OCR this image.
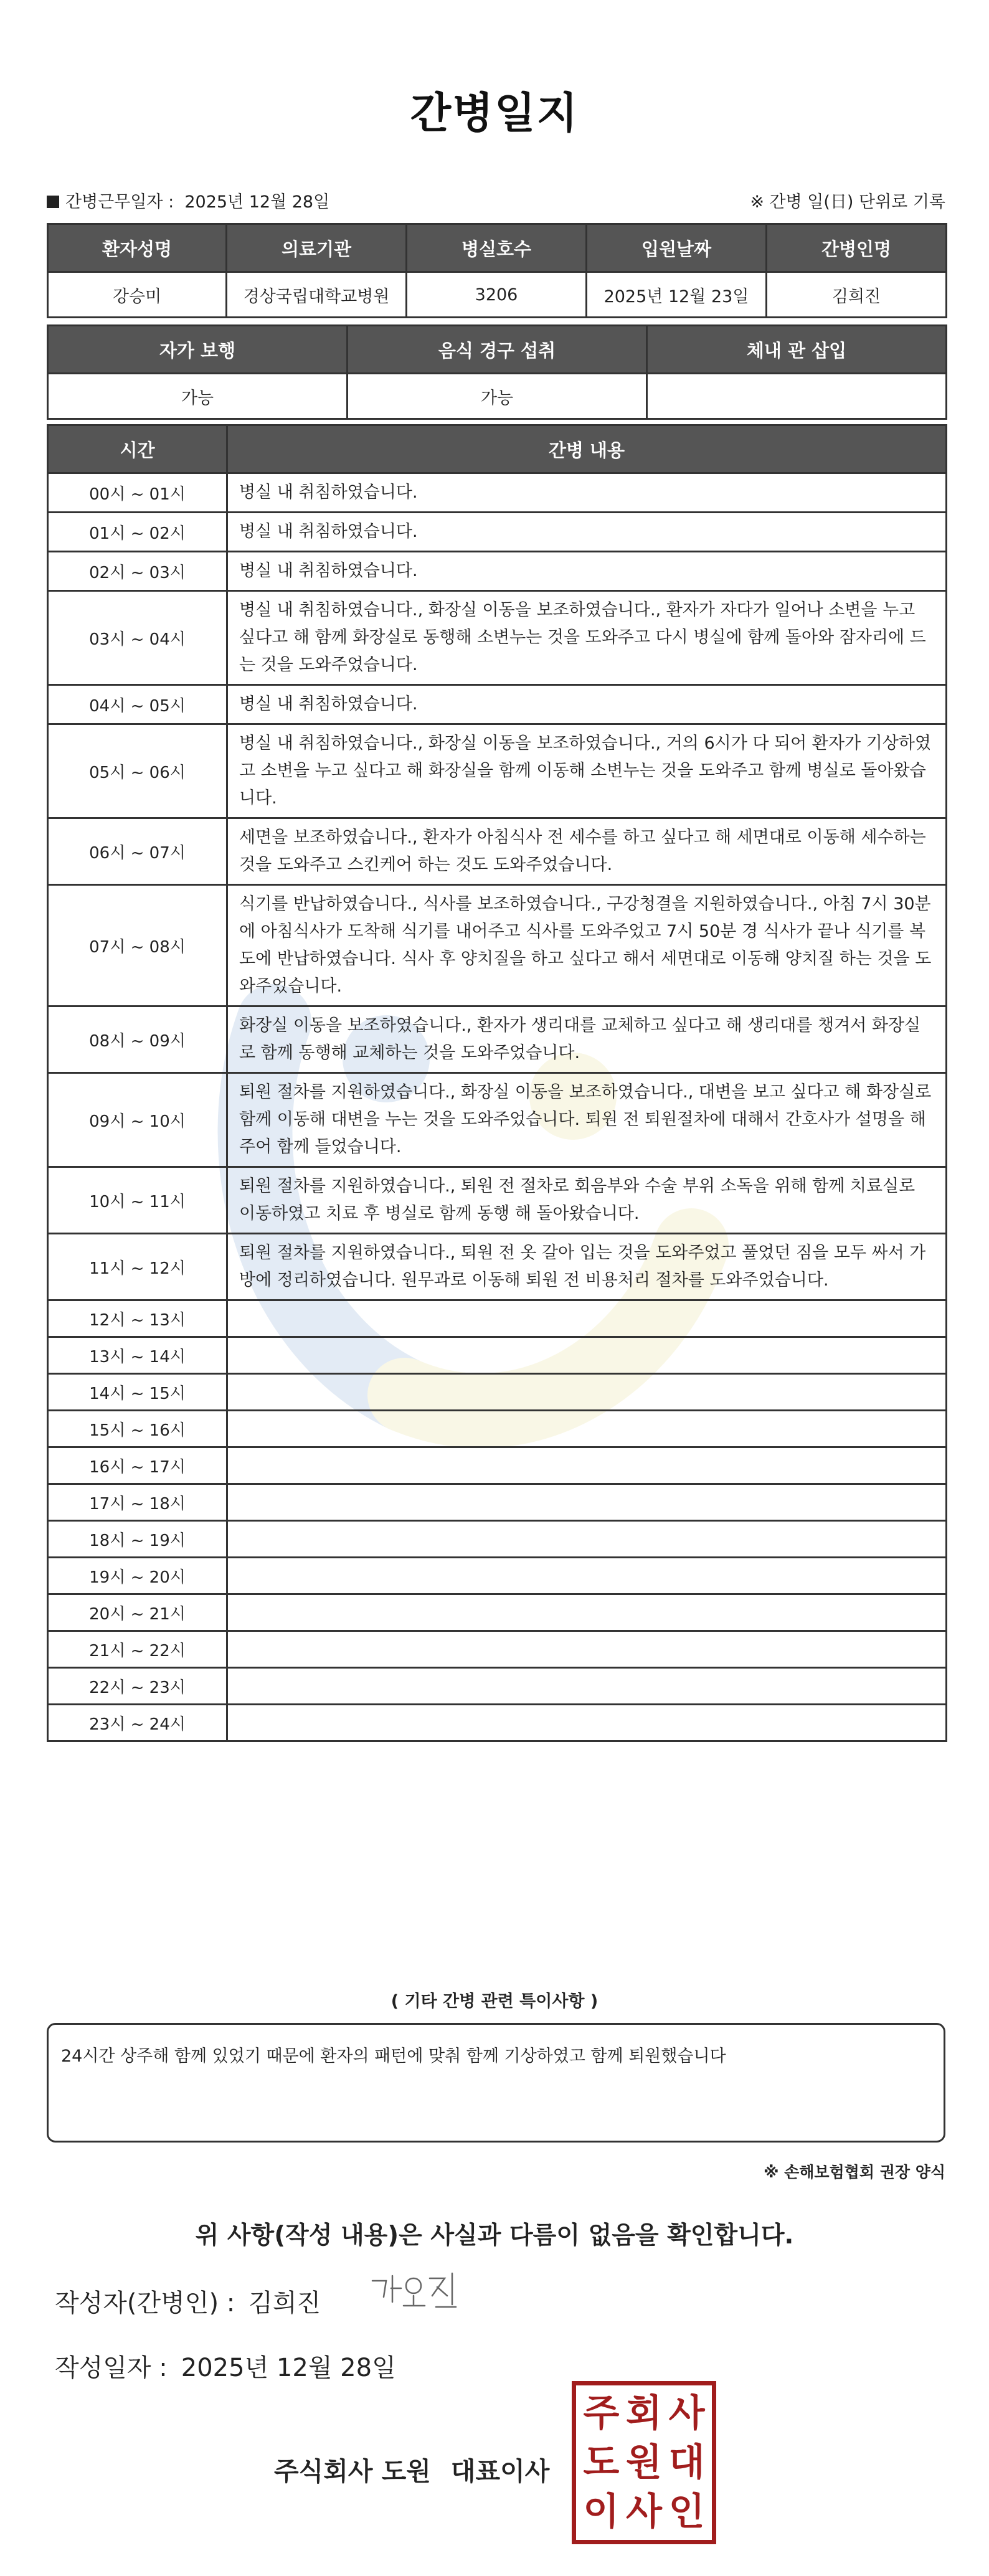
간병일지
간병근무일자 : 2025년 12월 28일	※ 간병 일(日) 단위로 기록
환자성명	의료기관	병실호수	입원날짜	간병인명
강승미	경상국립대학교병원	3206	2025년 12월 23일	김희진
자가 보행	음식 경구 섭취	체내 관 삽입
가능	가능	
시간	간병 내용
00시 ~ 01시	병실 내 취침하였습니다.
01시 ~ 02시	병실 내 취침하였습니다.
02시 ~ 03시	병실 내 취침하였습니다.
03시 ~ 04시	병실 내 취침하였습니다., 화장실 이동을 보조하였습니다., 환자가 자다가 일어나 소변을 누고 싶다고 해 함께 화장실로 동행해 소변누는 것을 도와주고 다시 병실에 함께 돌아와 잠자리에 드는 것을 도와주었습니다.
04시 ~ 05시	병실 내 취침하였습니다.
05시 ~ 06시	병실 내 취침하였습니다., 화장실 이동을 보조하였습니다., 거의 6시가 다 되어 환자가 기상하였고 소변을 누고 싶다고 해 화장실을 함께 이동해 소변누는 것을 도와주고 함께 병실로 돌아왔습니다.
06시 ~ 07시	세면을 보조하였습니다., 환자가 아침식사 전 세수를 하고 싶다고 해 세면대로 이동해 세수하는 것을 도와주고 스킨케어 하는 것도 도와주었습니다.
07시 ~ 08시	식기를 반납하였습니다., 식사를 보조하였습니다., 구강청결을 지원하였습니다., 아침 7시 30분에 아침식사가 도착해 식기를 내어주고 식사를 도와주었고 7시 50분 경 식사가 끝나 식기를 복도에 반납하였습니다. 식사 후 양치질을 하고 싶다고 해서 세면대로 이동해 양치질 하는 것을 도와주었습니다.
08시 ~ 09시	화장실 이동을 보조하였습니다., 환자가 생리대를 교체하고 싶다고 해 생리대를 챙겨서 화장실로 함께 동행해 교체하는 것을 도와주었습니다.
09시 ~ 10시	퇴원 절차를 지원하였습니다., 화장실 이동을 보조하였습니다., 대변을 보고 싶다고 해 화장실로 함께 이동해 대변을 누는 것을 도와주었습니다. 퇴원 전 퇴원절차에 대해서 간호사가 설명을 해주어 함께 들었습니다.
10시 ~ 11시	퇴원 절차를 지원하였습니다., 퇴원 전 절차로 회음부와 수술 부위 소독을 위해 함께 치료실로 이동하였고 치료 후 병실로 함께 동행 해 돌아왔습니다.
11시 ~ 12시	퇴원 절차를 지원하였습니다., 퇴원 전 옷 갈아 입는 것을 도와주었고 풀었던 짐을 모두 싸서 가방에 정리하였습니다. 원무과로 이동해 퇴원 전 비용처리 절차를 도와주었습니다.
12시 ~ 13시	
13시 ~ 14시	
14시 ~ 15시	
15시 ~ 16시	
16시 ~ 17시	
17시 ~ 18시	
18시 ~ 19시	
19시 ~ 20시	
20시 ~ 21시	
21시 ~ 22시	
22시 ~ 23시	
23시 ~ 24시	
( 기타 간병 관련 특이사항 )
24시간 상주해 함께 있었기 때문에 환자의 패턴에 맞춰 함께 기상하였고 함께 퇴원했습니다
※ 손해보험협회 권장 양식
위 사항(작성 내용)은 사실과 다름이 없음을 확인합니다.
작성자(간병인) : 김희진
작성일자 : 2025년 12월 28일
주식회사 도원 대표이사
주 회 사
도 원 대
이 사 인
